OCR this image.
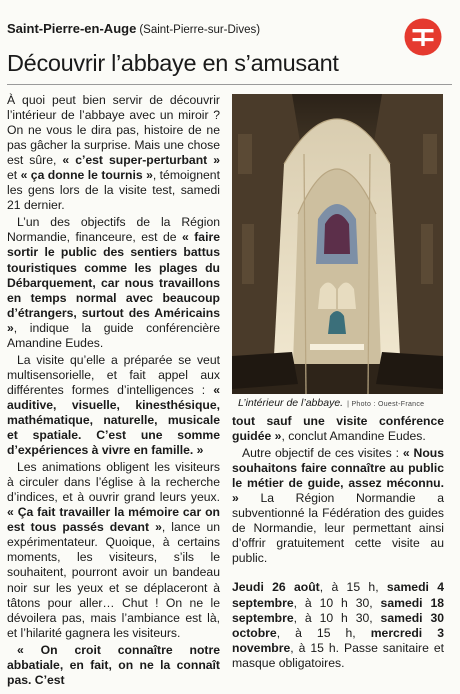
Saint-Pierre-en-Auge (Saint-Pierre-sur-Dives)
Découvrir l’abbaye en s’amusant

À quoi peut bien servir de découvrir l’intérieur de l’abbaye avec un miroir ? On ne vous le dira pas, histoire de ne pas gâcher la surprise. Mais une chose est sûre, « c’est super-perturbant » et « ça donne le tournis », témoignent les gens lors de la visite test, samedi 21 dernier.

L’un des objectifs de la Région Normandie, financeure, est de « faire sortir le public des sentiers battus touristiques comme les plages du Débarquement, car nous travaillons en temps normal avec beaucoup d’étrangers, surtout des Américains », indique la guide conférencière Amandine Eudes.

La visite qu’elle a préparée se veut multisensorielle, et fait appel aux différentes formes d’intelligences : « auditive, visuelle, kinesthésique, mathématique, naturelle, musicale et spatiale. C’est une somme d’expériences à vivre en famille. »

Les animations obligent les visiteurs à circuler dans l’église à la recherche d’indices, et à ouvrir grand leurs yeux. « Ça fait travailler la mémoire car on est tous passés devant », lance un expérimentateur. Quoique, à certains moments, les visiteurs, s’ils le souhaitent, pourront avoir un bandeau noir sur les yeux et se déplaceront à tâtons pour aller… Chut ! On ne le dévoilera pas, mais l’ambiance est là, et l’hilarité gagnera les visiteurs.

« On croit connaître notre abbatiale, en fait, on ne la connaît pas. C’est

L’intérieur de l’abbaye. | Photo : Ouest-France

tout sauf une visite conférence guidée », conclut Amandine Eudes.

Autre objectif de ces visites : « Nous souhaitons faire connaître au public le métier de guide, assez méconnu. » La Région Normandie a subventionné la Fédération des guides de Normandie, leur permettant ainsi d’offrir gratuitement cette visite au public.

Jeudi 26 août, à 15 h, samedi 4 septembre, à 10 h 30, samedi 18 septembre, à 10 h 30, samedi 30 octobre, à 15 h, mercredi 3 novembre, à 15 h. Passe sanitaire et masque obligatoires.
